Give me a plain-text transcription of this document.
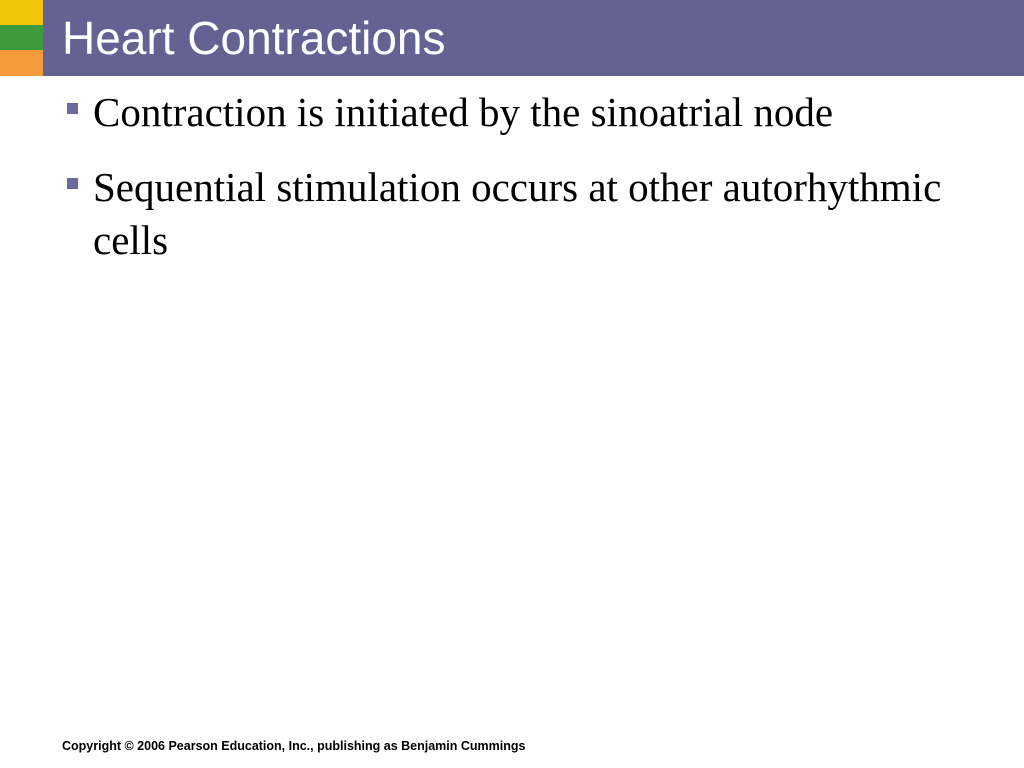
Heart Contractions
Contraction is initiated by the sinoatrial node
Sequential stimulation occurs at other autorhythmic cells
Copyright © 2006 Pearson Education, Inc., publishing as Benjamin Cummings
